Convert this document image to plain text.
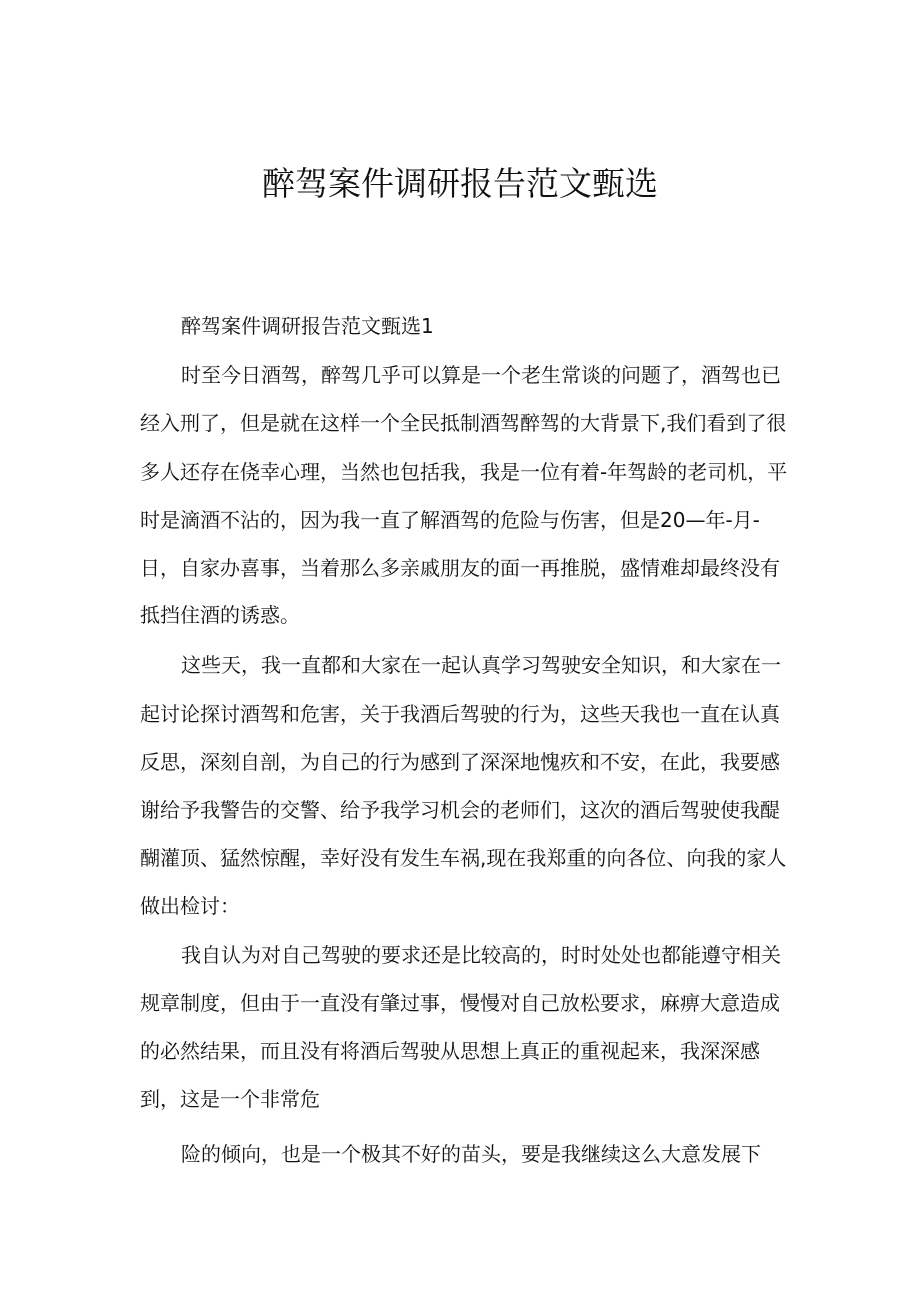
醉驾案件调研报告范文甄选

醉驾案件调研报告范文甄选1

时至今日酒驾，醉驾几乎可以算是一个老生常谈的问题了，酒驾也已

经入刑了，但是就在这样一个全民抵制酒驾醉驾的大背景下,我们看到了很

多人还存在侥幸心理，当然也包括我，我是一位有着-年驾龄的老司机，平

时是滴酒不沾的，因为我一直了解酒驾的危险与伤害，但是20—年-月-

日，自家办喜事，当着那么多亲戚朋友的面一再推脱，盛情难却最终没有

抵挡住酒的诱惑。

这些天，我一直都和大家在一起认真学习驾驶安全知识，和大家在一

起讨论探讨酒驾和危害，关于我酒后驾驶的行为，这些天我也一直在认真

反思，深刻自剖，为自己的行为感到了深深地愧疚和不安，在此，我要感

谢给予我警告的交警、给予我学习机会的老师们，这次的酒后驾驶使我醍

醐灌顶、猛然惊醒，幸好没有发生车祸,现在我郑重的向各位、向我的家人

做出检讨：

我自认为对自己驾驶的要求还是比较高的，时时处处也都能遵守相关

规章制度，但由于一直没有肇过事，慢慢对自己放松要求，麻痹大意造成

的必然结果，而且没有将酒后驾驶从思想上真正的重视起来，我深深感

到，这是一个非常危

险的倾向，也是一个极其不好的苗头，要是我继续这么大意发展下
